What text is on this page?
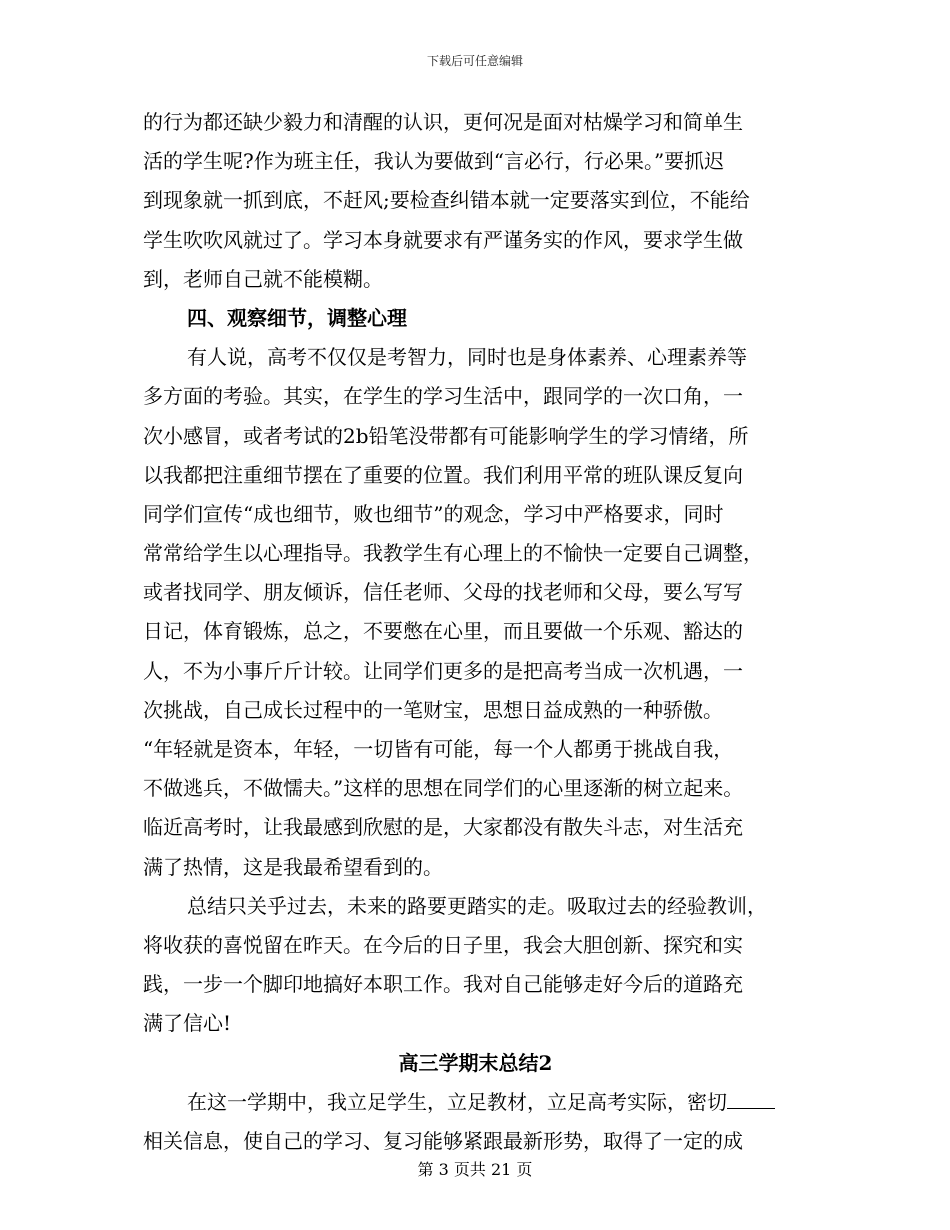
下载后可任意编辑
的行为都还缺少毅力和清醒的认识，更何况是面对枯燥学习和简单生
活的学生呢?作为班主任，我认为要做到“言必行，行必果。”要抓迟
到现象就一抓到底，不赶风;要检查纠错本就一定要落实到位，不能给
学生吹吹风就过了。学习本身就要求有严谨务实的作风，要求学生做
到，老师自己就不能模糊。
四、观察细节，调整心理
有人说，高考不仅仅是考智力，同时也是身体素养、心理素养等
多方面的考验。其实，在学生的学习生活中，跟同学的一次口角，一
次小感冒，或者考试的2b铅笔没带都有可能影响学生的学习情绪，所
以我都把注重细节摆在了重要的位置。我们利用平常的班队课反复向
同学们宣传“成也细节，败也细节”的观念，学习中严格要求，同时
常常给学生以心理指导。我教学生有心理上的不愉快一定要自己调整，
或者找同学、朋友倾诉，信任老师、父母的找老师和父母，要么写写
日记，体育锻炼，总之，不要憋在心里，而且要做一个乐观、豁达的
人，不为小事斤斤计较。让同学们更多的是把高考当成一次机遇，一
次挑战，自己成长过程中的一笔财宝，思想日益成熟的一种骄傲。
“年轻就是资本，年轻，一切皆有可能，每一个人都勇于挑战自我，
不做逃兵，不做懦夫。”这样的思想在同学们的心里逐渐的树立起来。
临近高考时，让我最感到欣慰的是，大家都没有散失斗志，对生活充
满了热情，这是我最希望看到的。
总结只关乎过去，未来的路要更踏实的走。吸取过去的经验教训，
将收获的喜悦留在昨天。在今后的日子里，我会大胆创新、探究和实
践，一步一个脚印地搞好本职工作。我对自己能够走好今后的道路充
满了信心!
高三学期末总结2
在这一学期中，我立足学生，立足教材，立足高考实际，密切
相关信息，使自己的学习、复习能够紧跟最新形势，取得了一定的成
第 3 页共 21 页
